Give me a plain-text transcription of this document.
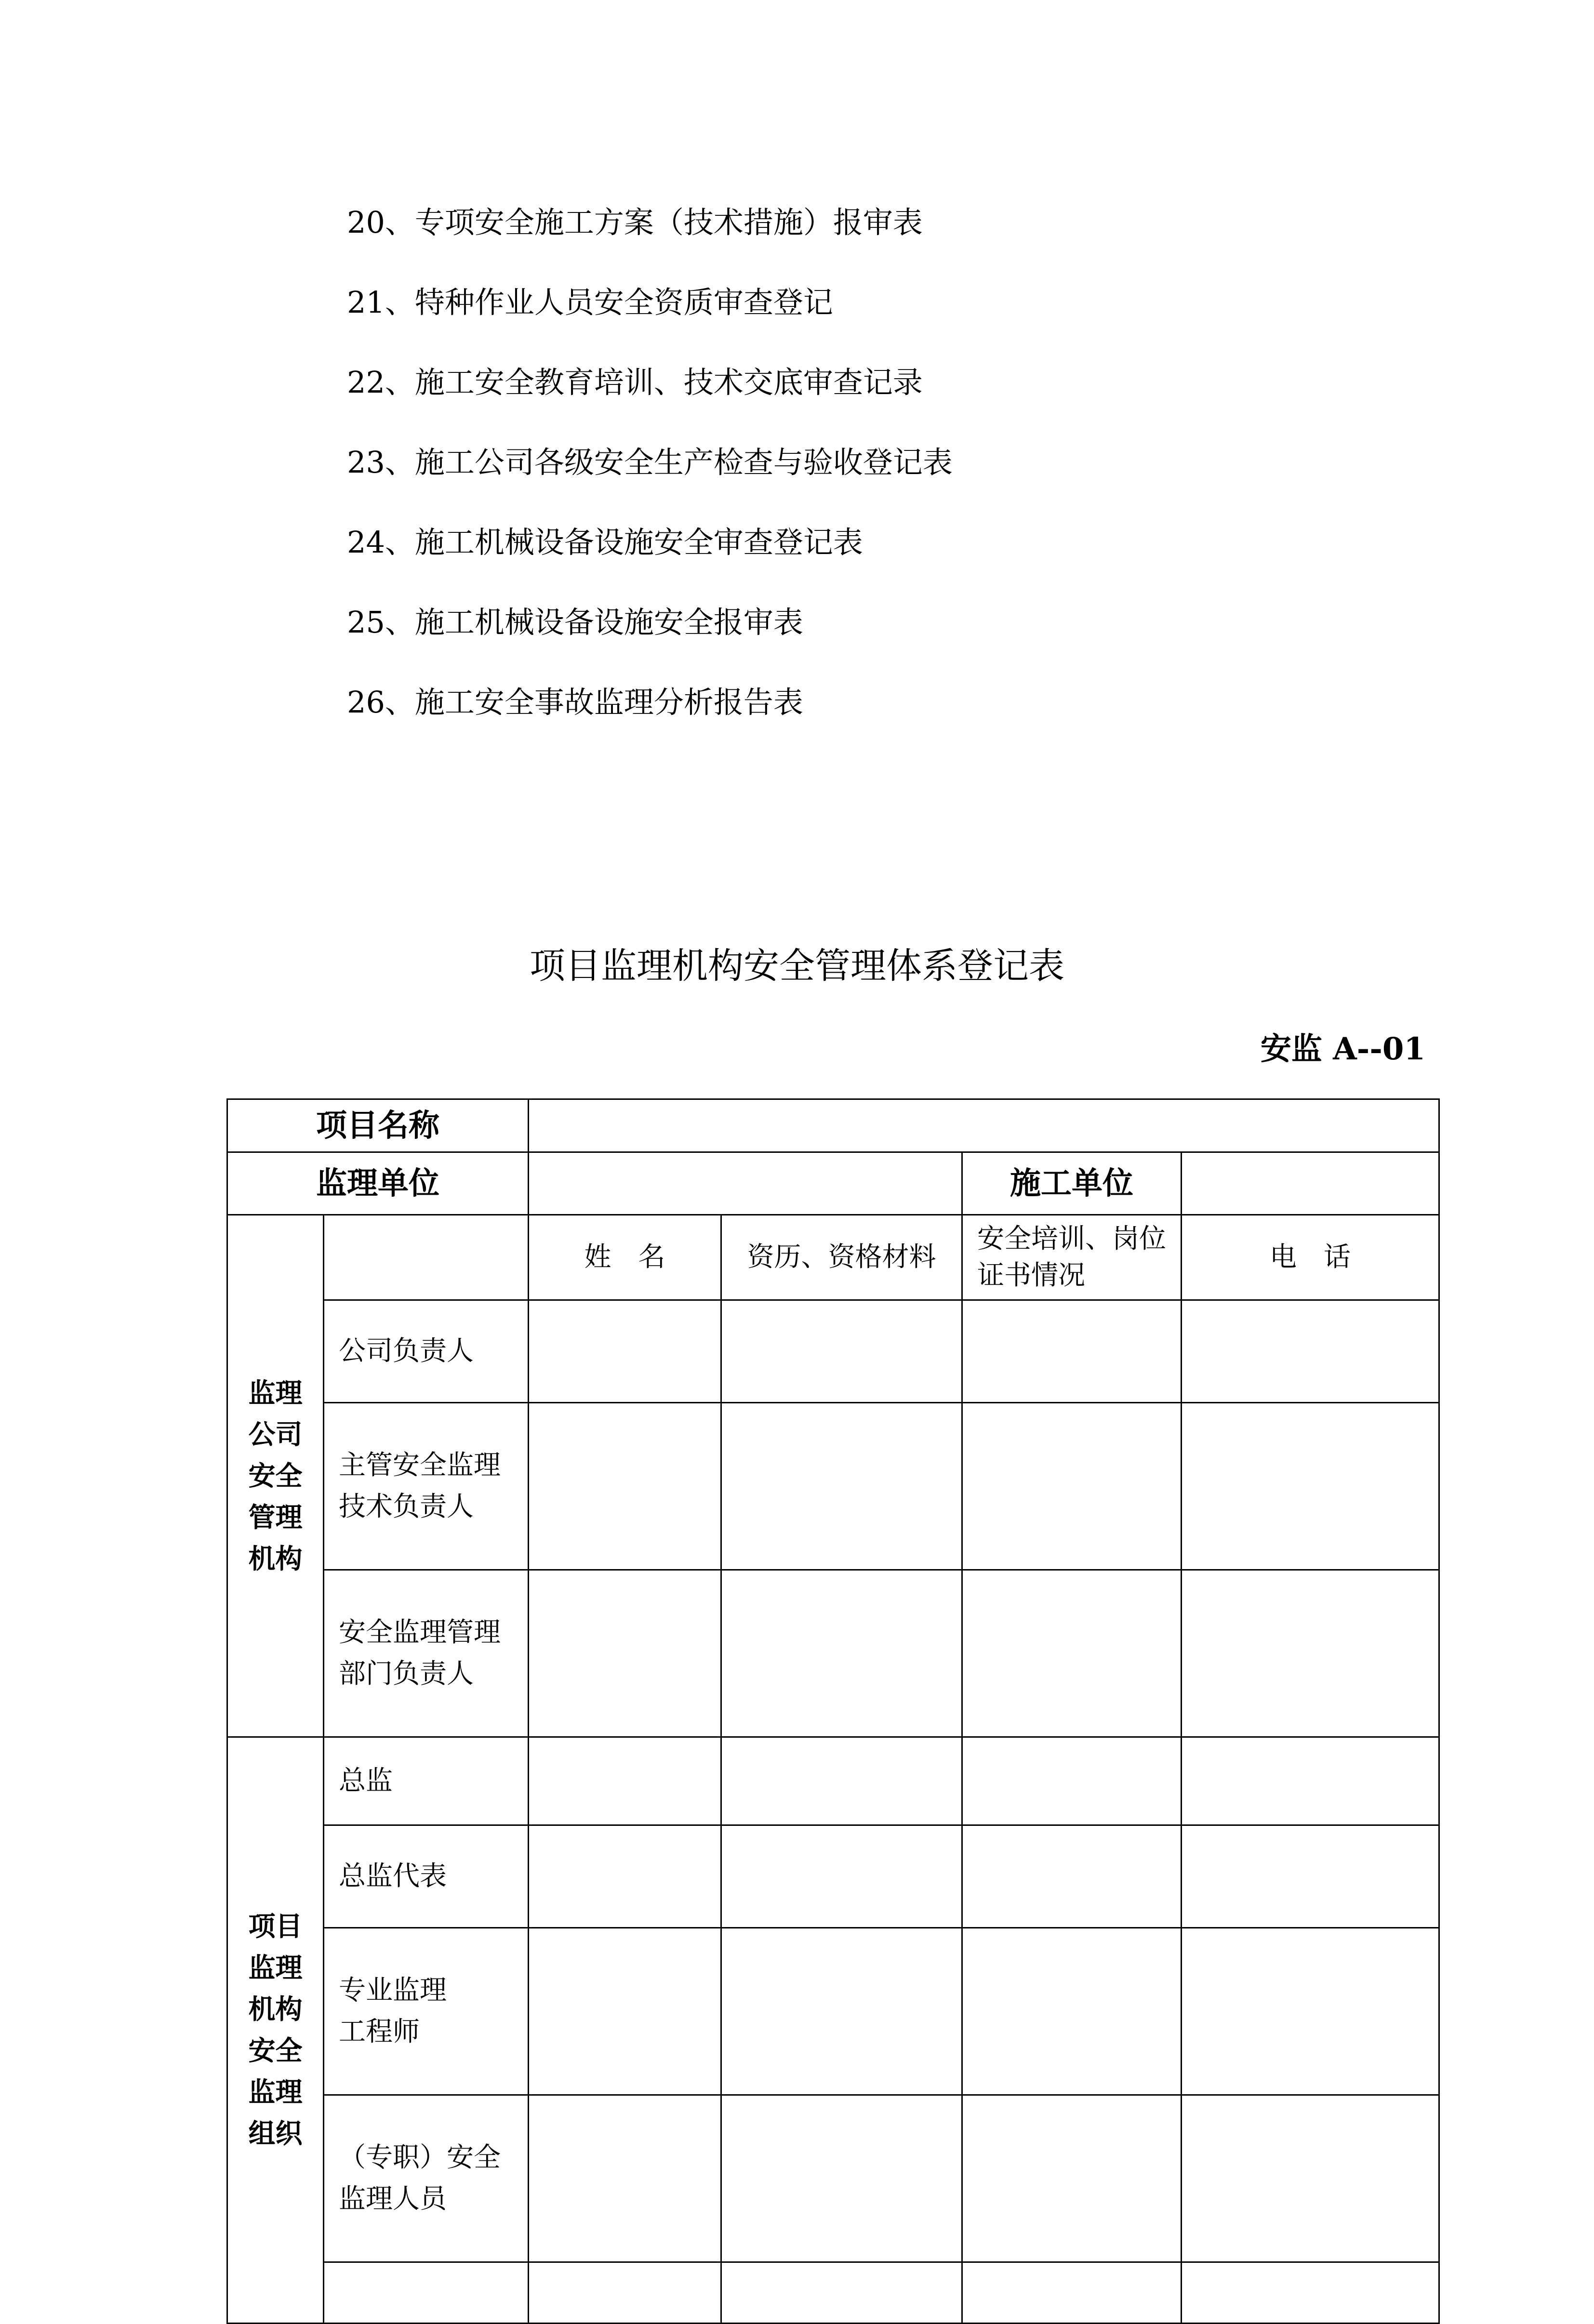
20、专项安全施工方案（技术措施）报审表
21、特种作业人员安全资质审查登记
22、施工安全教育培训、技术交底审查记录
23、施工公司各级安全生产检查与验收登记表
24、施工机械设备设施安全审查登记表
25、施工机械设备设施安全报审表
26、施工安全事故监理分析报告表
项目监理机构安全管理体系登记表
安监 A--01
项目名称					
监理单位				施工单位	

监理公司安全管理机构		姓　名	资历、资格材料	安全培训、岗位证书情况	电　话
	公司负责人				

	主管安全监理技术负责人				

	安全监理管理部门负责人				

项目监理机构安全监理组织	总监				
	总监代表				

	专业监理工程师				

	（专职）安全监理人员				
